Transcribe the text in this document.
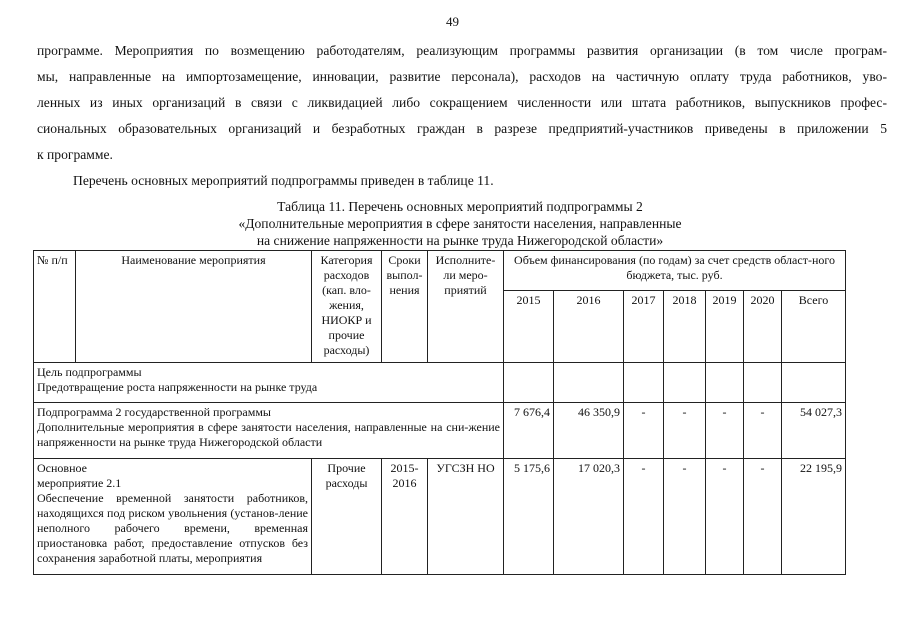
49
программе. Мероприятия по возмещению работодателям, реализующим программы развития организации (в том числе програм-
мы, направленные на импортозамещение, инновации, развитие персонала), расходов на частичную оплату труда работников, уво-
ленных из иных организаций в связи с ликвидацией либо сокращением численности или штата работников, выпускников профес-
сиональных образовательных организаций и безработных граждан в разрезе предприятий-участников приведены в приложении 5
к программе.
Перечень основных мероприятий подпрограммы приведен в таблице 11.
Таблица 11. Перечень основных мероприятий подпрограммы 2
«Дополнительные мероприятия в сфере занятости населения, направленные
на снижение напряженности на рынке труда Нижегородской области»
№ п/п	Наименование мероприятия	Категория расходов (кап. вло-жения, НИОКР и прочие расходы)	Сроки выпол-нения	Исполните-ли меро-приятий	Объем финансирования (по годам) за счет средств област-ного бюджета, тыс. руб.						
					2015	2016	2017	2018	2019	2020	Всего

Цель подпрограммы
Предотвращение роста напряженности на рынке труда											

Подпрограмма 2 государственной программы
Дополнительные мероприятия в сфере занятости населения, направленные на сни-жение напряженности на рынке труда Нижегородской области					7 676,4	46 350,9	-	-	-	-	54 027,3

Основное
мероприятие 2.1
Обеспечение временной занятости работников, находящихся под риском увольнения (установ-ление неполного рабочего времени, временная приостановка работ, предоставление отпусков без сохранения заработной платы, мероприятия		Прочие расходы	2015-2016	УГСЗН НО	5 175,6	17 020,3	-	-	-	-	22 195,9
